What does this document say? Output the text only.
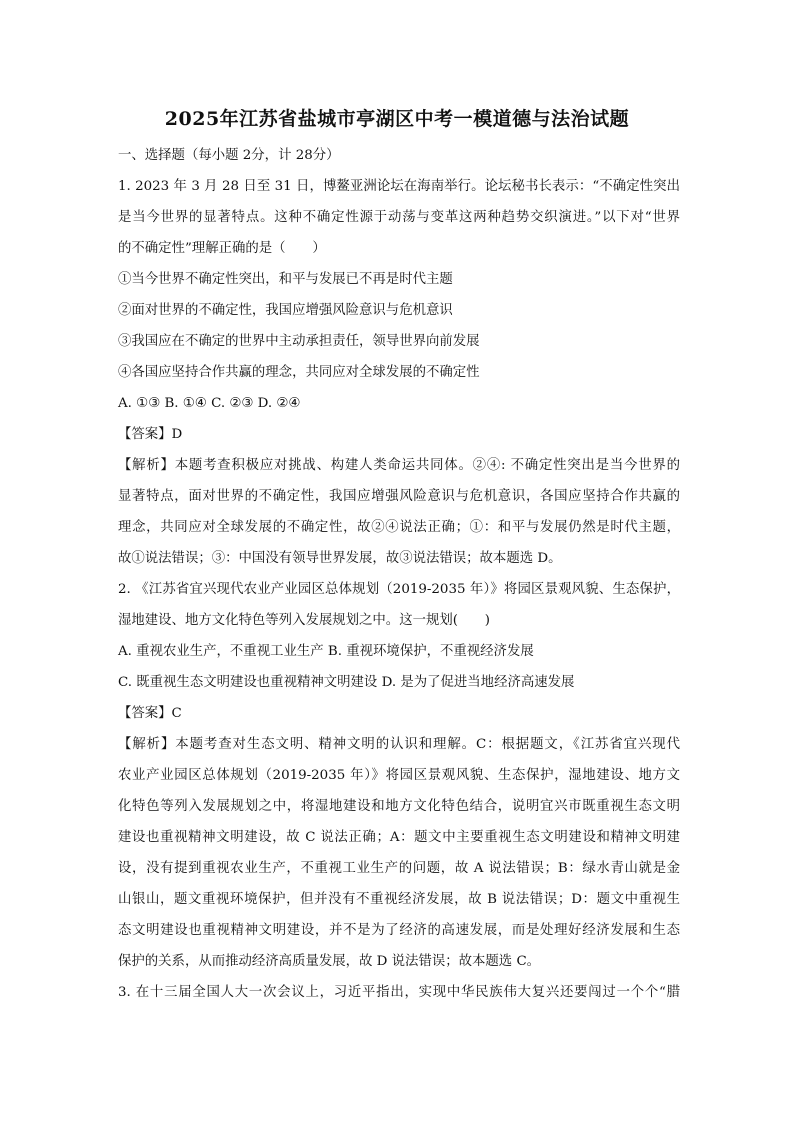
2025年江苏省盐城市亭湖区中考一模道德与法治试题
一、选择题（每小题 2分，计 28分）
1. 2023 年 3 月 28 日至 31 日，博鳌亚洲论坛在海南举行。论坛秘书长表示：“不确定性突出
是当今世界的显著特点。这种不确定性源于动荡与变革这两种趋势交织演进。”以下对“世界
的不确定性”理解正确的是（　　）
①当今世界不确定性突出，和平与发展已不再是时代主题
②面对世界的不确定性，我国应增强风险意识与危机意识
③我国应在不确定的世界中主动承担责任，领导世界向前发展
④各国应坚持合作共赢的理念，共同应对全球发展的不确定性
A. ①③ B. ①④ C. ②③ D. ②④
【答案】D
【解析】本题考查积极应对挑战、构建人类命运共同体。②④: 不确定性突出是当今世界的
显著特点，面对世界的不确定性，我国应增强风险意识与危机意识，各国应坚持合作共赢的
理念，共同应对全球发展的不确定性，故②④说法正确；①：和平与发展仍然是时代主题，
故①说法错误；③：中国没有领导世界发展，故③说法错误；故本题选 D。
2. 《江苏省宜兴现代农业产业园区总体规划（2019-2035 年）》将园区景观风貌、生态保护，
湿地建设、地方文化特色等列入发展规划之中。这一规划(　　)
A. 重视农业生产，不重视工业生产 B. 重视环境保护，不重视经济发展
C. 既重视生态文明建设也重视精神文明建设 D. 是为了促进当地经济高速发展
【答案】C
【解析】本题考查对生态文明、精神文明的认识和理解。C：根据题文，《江苏省宜兴现代
农业产业园区总体规划（2019-2035 年）》将园区景观风貌、生态保护，湿地建设、地方文
化特色等列入发展规划之中，将湿地建设和地方文化特色结合，说明宜兴市既重视生态文明
建设也重视精神文明建设，故 C 说法正确；A：题文中主要重视生态文明建设和精神文明建
设，没有提到重视农业生产，不重视工业生产的问题，故 A 说法错误；B：绿水青山就是金
山银山，题文重视环境保护，但并没有不重视经济发展，故 B 说法错误；D：题文中重视生
态文明建设也重视精神文明建设，并不是为了经济的高速发展，而是处理好经济发展和生态
保护的关系，从而推动经济高质量发展，故 D 说法错误；故本题选 C。
3. 在十三届全国人大一次会议上，习近平指出，实现中华民族伟大复兴还要闯过一个个“腊
